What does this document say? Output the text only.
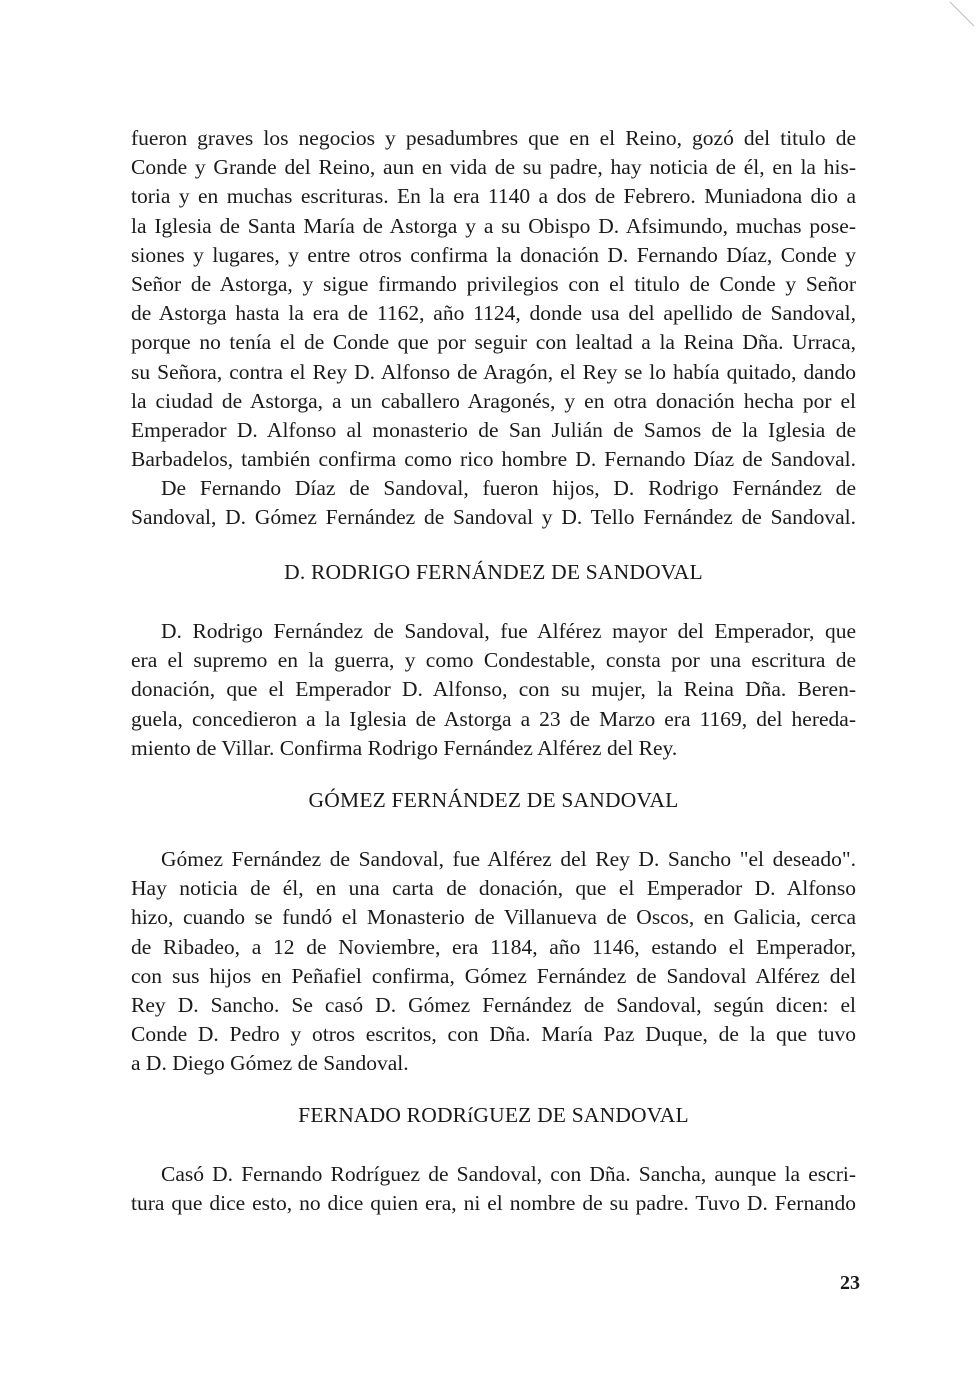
fueron graves los negocios y pesadumbres que en el Reino, gozó del titulo de
Conde y Grande del Reino, aun en vida de su padre, hay noticia de él, en la his-
toria y en muchas escrituras. En la era 1140 a dos de Febrero. Muniadona dio a
la Iglesia de Santa María de Astorga y a su Obispo D. Afsimundo, muchas pose-
siones y lugares, y entre otros confirma la donación D. Fernando Díaz, Conde y
Señor de Astorga, y sigue firmando privilegios con el titulo de Conde y Señor
de Astorga hasta la era de 1162, año 1124, donde usa del apellido de Sandoval,
porque no tenía el de Conde que por seguir con lealtad a la Reina Dña. Urraca,
su Señora, contra el Rey D. Alfonso de Aragón, el Rey se lo había quitado, dando
la ciudad de Astorga, a un caballero Aragonés, y en otra donación hecha por el
Emperador D. Alfonso al monasterio de San Julián de Samos de la Iglesia de
Barbadelos, también confirma como rico hombre D. Fernando Díaz de Sandoval.
De Fernando Díaz de Sandoval, fueron hijos, D. Rodrigo Fernández de
Sandoval, D. Gómez Fernández de Sandoval y D. Tello Fernández de Sandoval.
D. RODRIGO FERNÁNDEZ DE SANDOVAL
D. Rodrigo Fernández de Sandoval, fue Alférez mayor del Emperador, que
era el supremo en la guerra, y como Condestable, consta por una escritura de
donación, que el Emperador D. Alfonso, con su mujer, la Reina Dña. Beren-
guela, concedieron a la Iglesia de Astorga a 23 de Marzo era 1169, del hereda-
miento de Villar. Confirma Rodrigo Fernández Alférez del Rey.
GÓMEZ FERNÁNDEZ DE SANDOVAL
Gómez Fernández de Sandoval, fue Alférez del Rey D. Sancho "el deseado".
Hay noticia de él, en una carta de donación, que el Emperador D. Alfonso
hizo, cuando se fundó el Monasterio de Villanueva de Oscos, en Galicia, cerca
de Ribadeo, a 12 de Noviembre, era 1184, año 1146, estando el Emperador,
con sus hijos en Peñafiel confirma, Gómez Fernández de Sandoval Alférez del
Rey D. Sancho. Se casó D. Gómez Fernández de Sandoval, según dicen: el
Conde D. Pedro y otros escritos, con Dña. María Paz Duque, de la que tuvo
a D. Diego Gómez de Sandoval.
FERNADO RODRíGUEZ DE SANDOVAL
Casó D. Fernando Rodríguez de Sandoval, con Dña. Sancha, aunque la escri-
tura que dice esto, no dice quien era, ni el nombre de su padre. Tuvo D. Fernando
23
